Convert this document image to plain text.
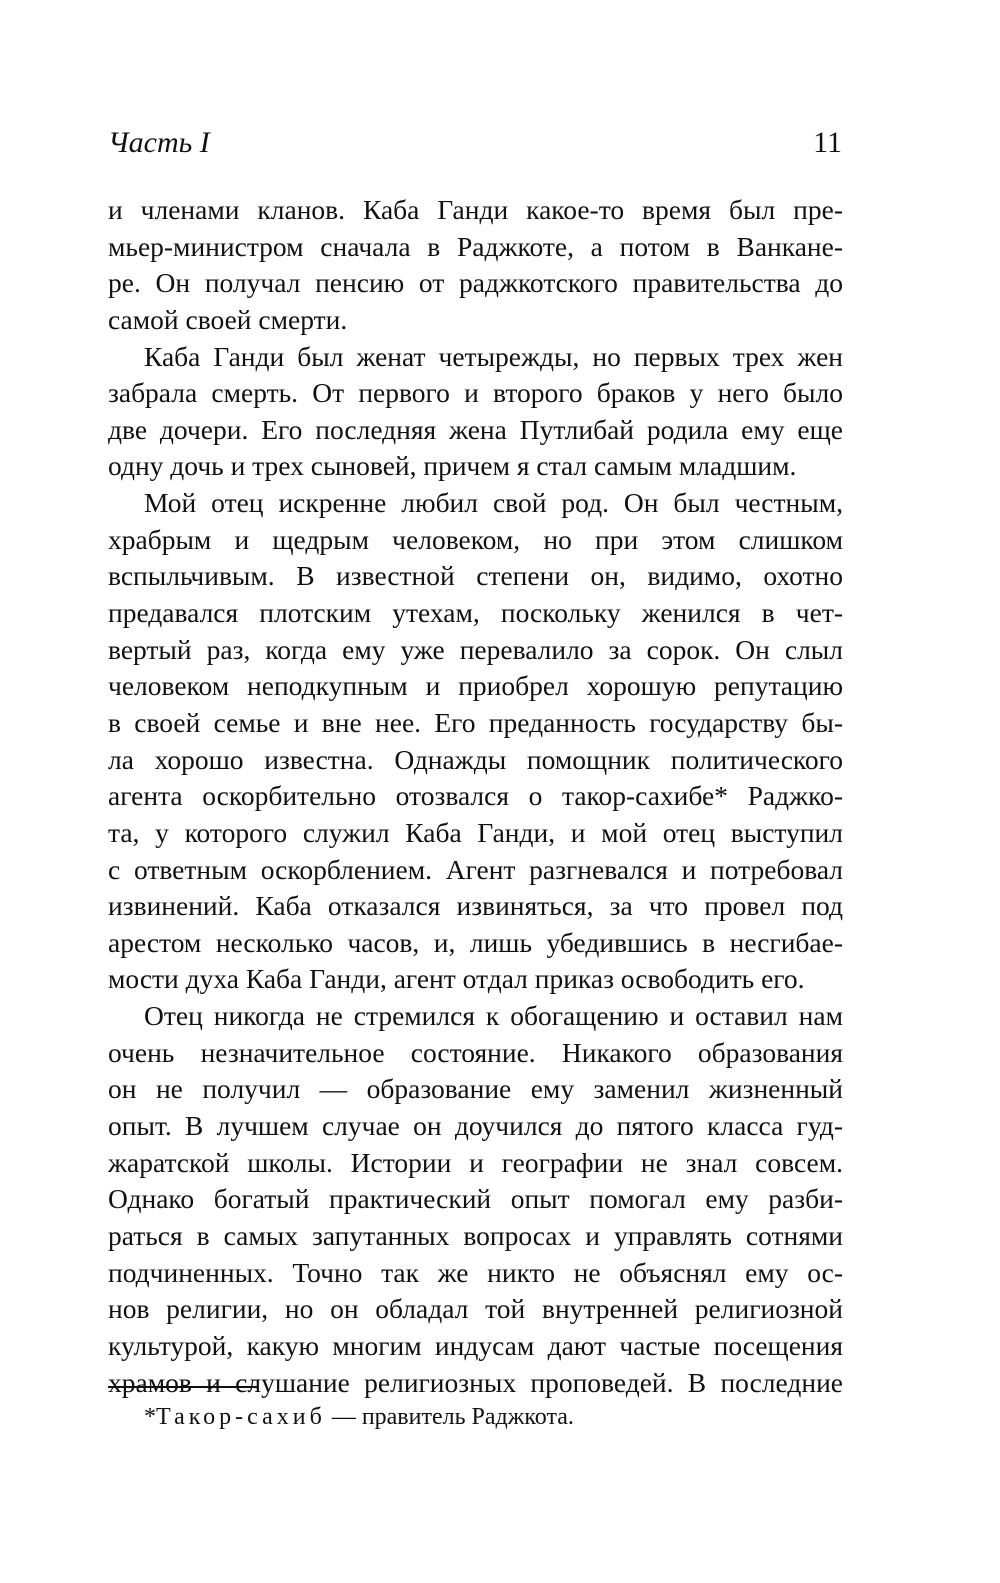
Часть I	11
и членами кланов. Каба Ганди какое-то время был пре-
мьер-министром сначала в Раджкоте, а потом в Ванкане-
ре. Он получал пенсию от раджкотского правительства до
самой своей смерти.
Каба Ганди был женат четырежды, но первых трех жен
забрала смерть. От первого и второго браков у него было
две дочери. Его последняя жена Путлибай родила ему еще
одну дочь и трех сыновей, причем я стал самым младшим.
Мой отец искренне любил свой род. Он был честным,
храбрым и щедрым человеком, но при этом слишком
вспыльчивым. В известной степени он, видимо, охотно
предавался плотским утехам, поскольку женился в чет-
вертый раз, когда ему уже перевалило за сорок. Он слыл
человеком неподкупным и приобрел хорошую репутацию
в своей семье и вне нее. Его преданность государству бы-
ла хорошо известна. Однажды помощник политического
агента оскорбительно отозвался о такор-сахибе* Раджко-
та, у которого служил Каба Ганди, и мой отец выступил
с ответным оскорблением. Агент разгневался и потребовал
извинений. Каба отказался извиняться, за что провел под
арестом несколько часов, и, лишь убедившись в несгибае-
мости духа Каба Ганди, агент отдал приказ освободить его.
Отец никогда не стремился к обогащению и оставил нам
очень незначительное состояние. Никакого образования
он не получил — образование ему заменил жизненный
опыт. В лучшем случае он доучился до пятого класса гуд-
жаратской школы. Истории и географии не знал совсем.
Однако богатый практический опыт помогал ему разби-
раться в самых запутанных вопросах и управлять сотнями
подчиненных. Точно так же никто не объяснял ему ос-
нов религии, но он обладал той внутренней религиозной
культурой, какую многим индусам дают частые посещения
храмов и слушание религиозных проповедей. В последние
*Такор-сахиб — правитель Раджкота.
